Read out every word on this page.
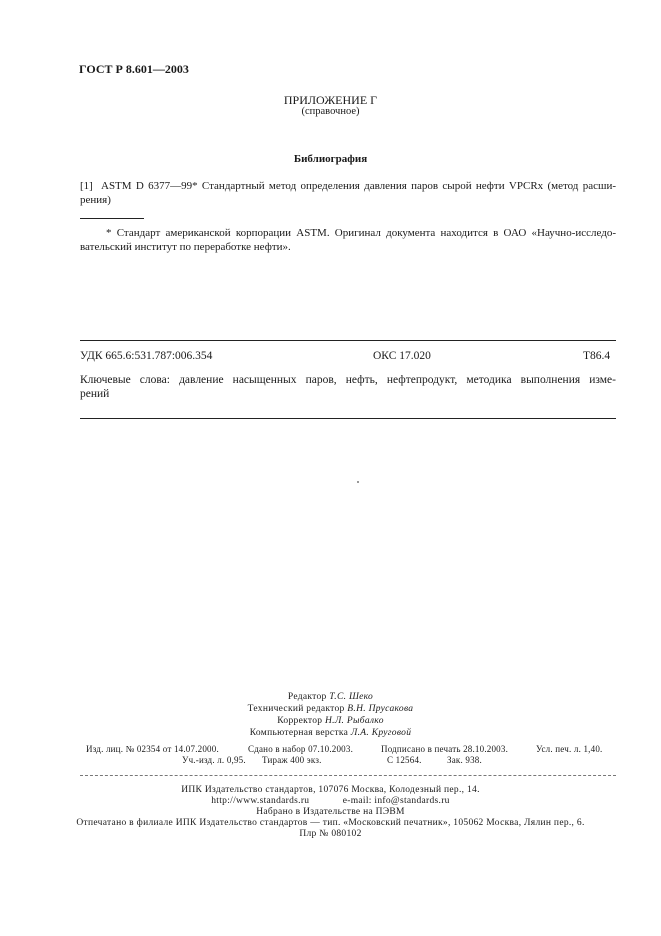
ГОСТ Р 8.601—2003
ПРИЛОЖЕНИЕ Г
(справочное)
Библиография
[1] ASTM D 6377—99* Стандартный метод определения давления паров сырой нефти VPCRx (метод расши-
рения)
* Стандарт американской корпорации ASTM. Оригинал документа находится в ОАО «Научно-исследо-
вательский институт по переработке нефти».
УДК 665.6:531.787:006.354	ОКС 17.020	Т86.4
Ключевые слова: давление насыщенных паров, нефть, нефтепродукт, методика выполнения изме-
рений
Редактор Т.С. Шеко
Технический редактор В.Н. Прусакова
Корректор Н.Л. Рыбалко
Компьютерная верстка Л.А. Круговой
Изд. лиц. № 02354 от 14.07.2000.	Сдано в набор 07.10.2003.	Подписано в печать 28.10.2003.	Усл. печ. л. 1,40.
Уч.-изд. л. 0,95. Тираж 400 экз.	С 12564.	Зак. 938.
ИПК Издательство стандартов, 107076 Москва, Колодезный пер., 14.
http://www.standards.ru	e-mail: info@standards.ru
Набрано в Издательстве на ПЭВМ
Отпечатано в филиале ИПК Издательство стандартов — тип. «Московский печатник», 105062 Москва, Лялин пер., 6.
Плр № 080102
